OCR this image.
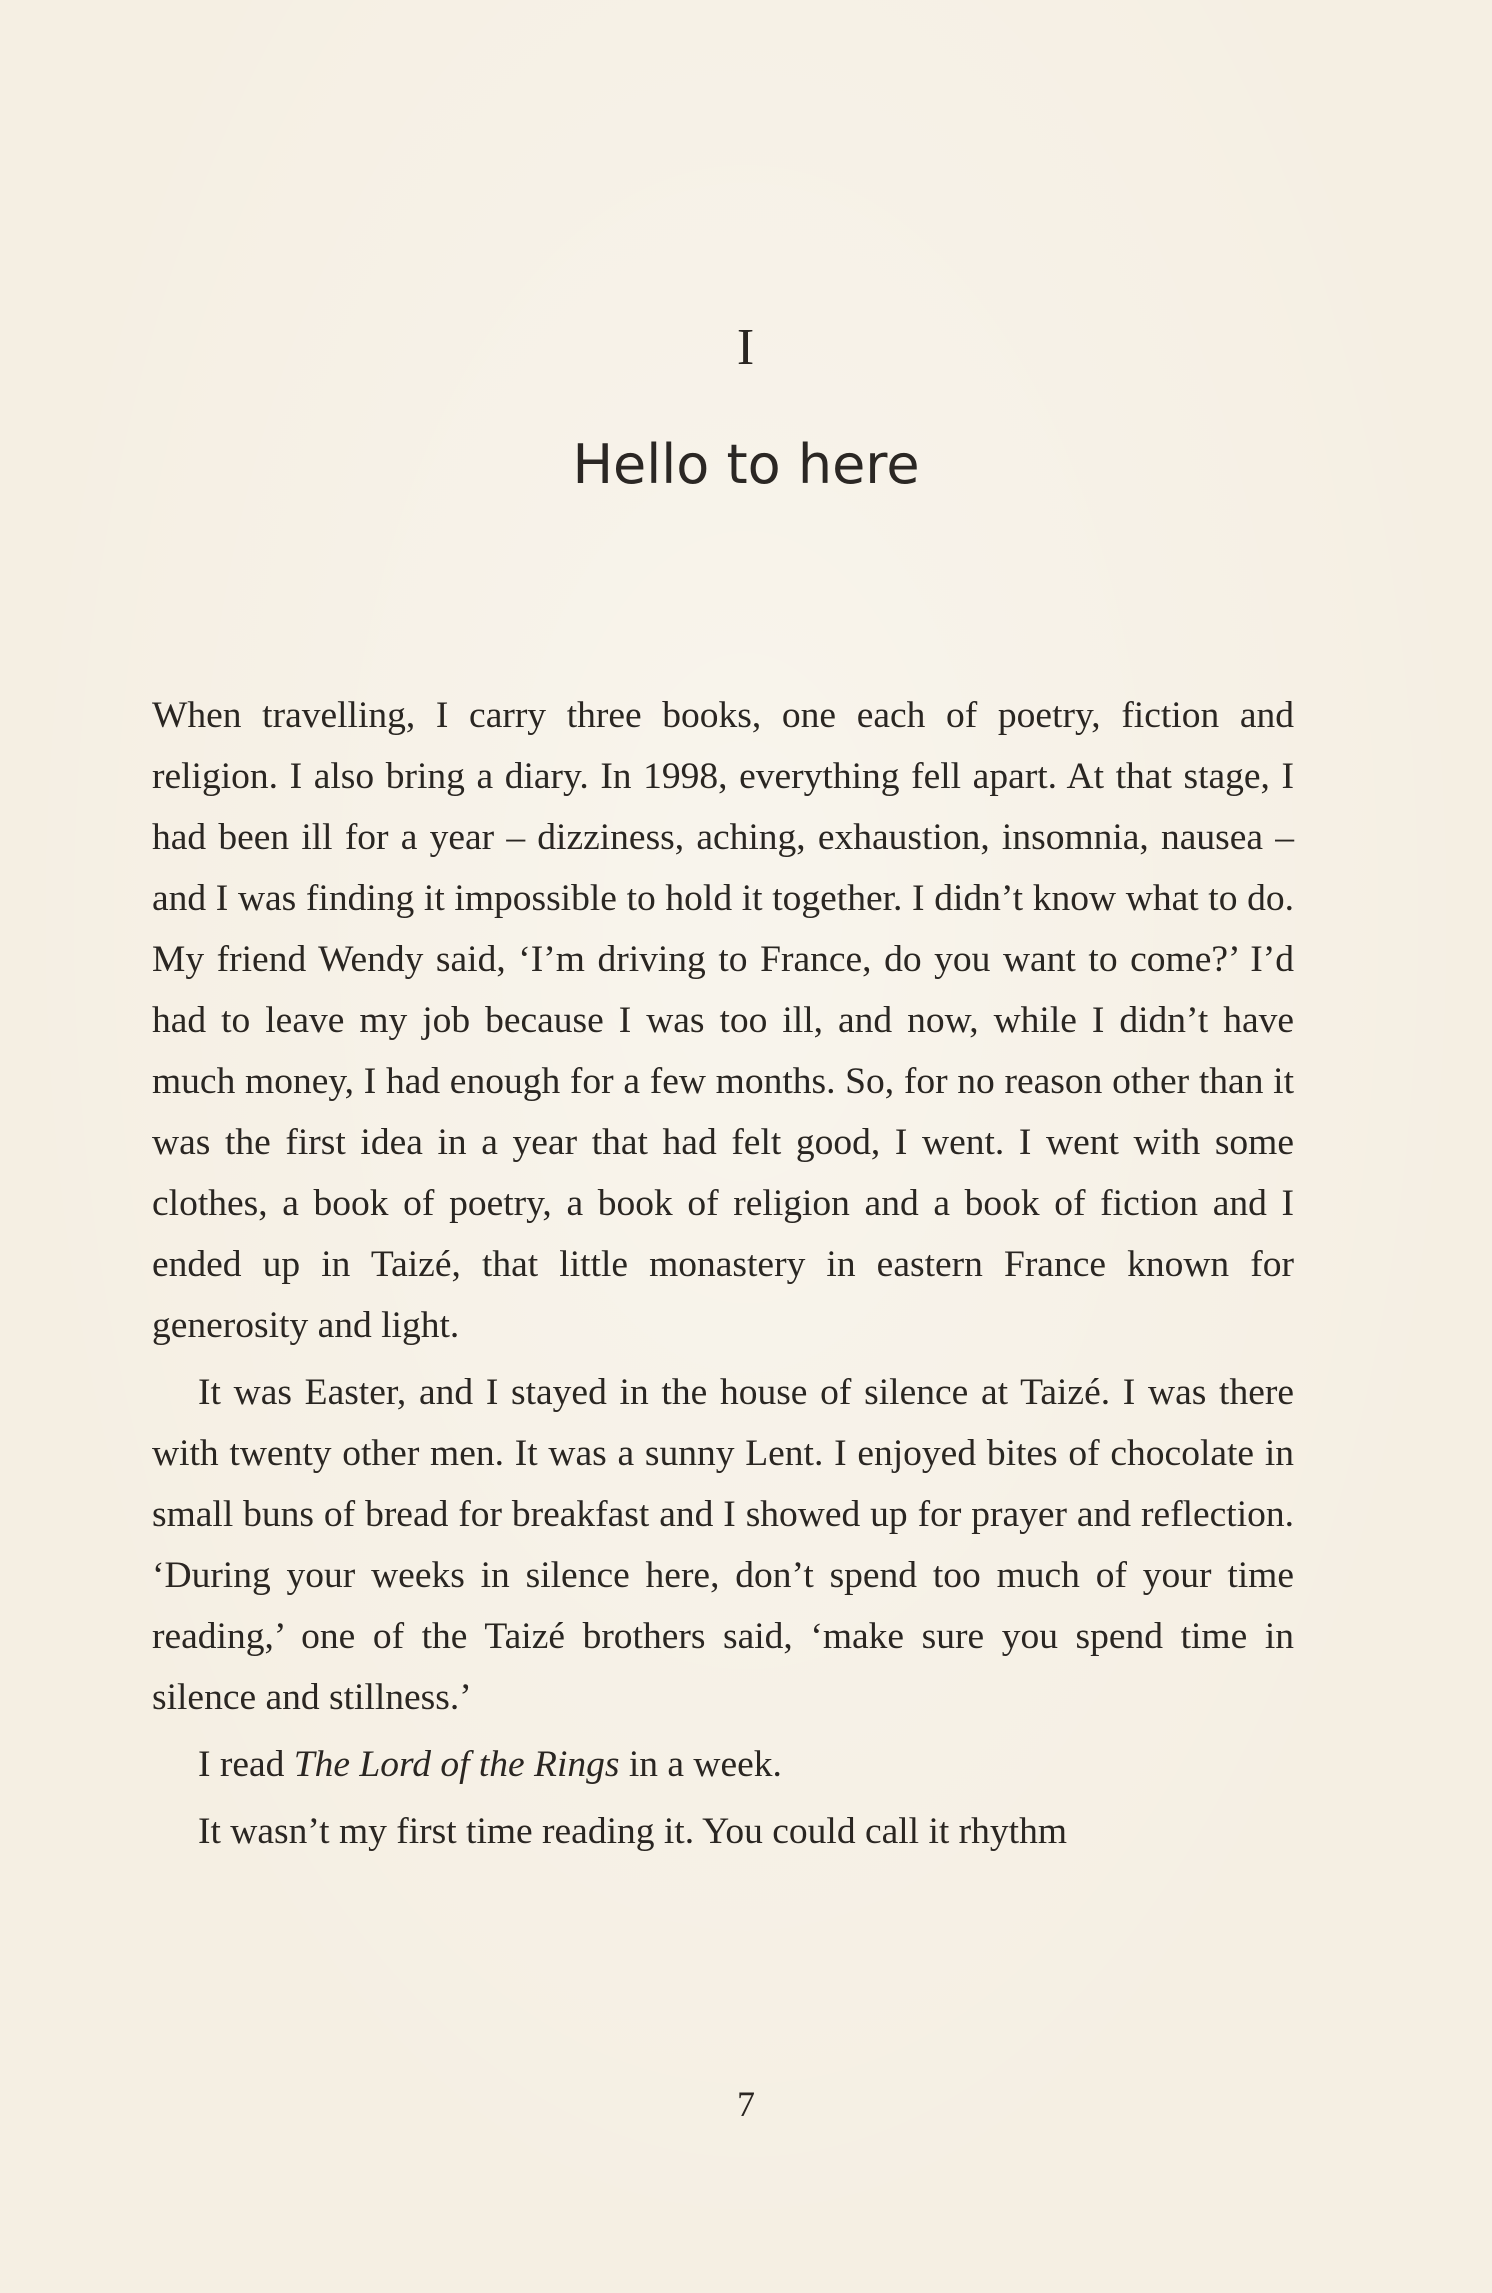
I
Hello to here

When travelling, I carry three books, one each of poetry, fiction and religion. I also bring a diary. In 1998, everything fell apart. At that stage, I had been ill for a year – dizziness, aching, exhaustion, insomnia, nausea – and I was finding it impossible to hold it together. I didn’t know what to do. My friend Wendy said, ‘I’m driving to France, do you want to come?’ I’d had to leave my job because I was too ill, and now, while I didn’t have much money, I had enough for a few months. So, for no reason other than it was the first idea in a year that had felt good, I went. I went with some clothes, a book of poetry, a book of religion and a book of fiction and I ended up in Taizé, that little monastery in eastern France known for generosity and light.

It was Easter, and I stayed in the house of silence at Taizé. I was there with twenty other men. It was a sunny Lent. I enjoyed bites of chocolate in small buns of bread for breakfast and I showed up for prayer and reflection. ‘During your weeks in silence here, don’t spend too much of your time reading,’ one of the Taizé brothers said, ‘make sure you spend time in silence and stillness.’

I read The Lord of the Rings in a week.

It wasn’t my first time reading it. You could call it rhythm

7
